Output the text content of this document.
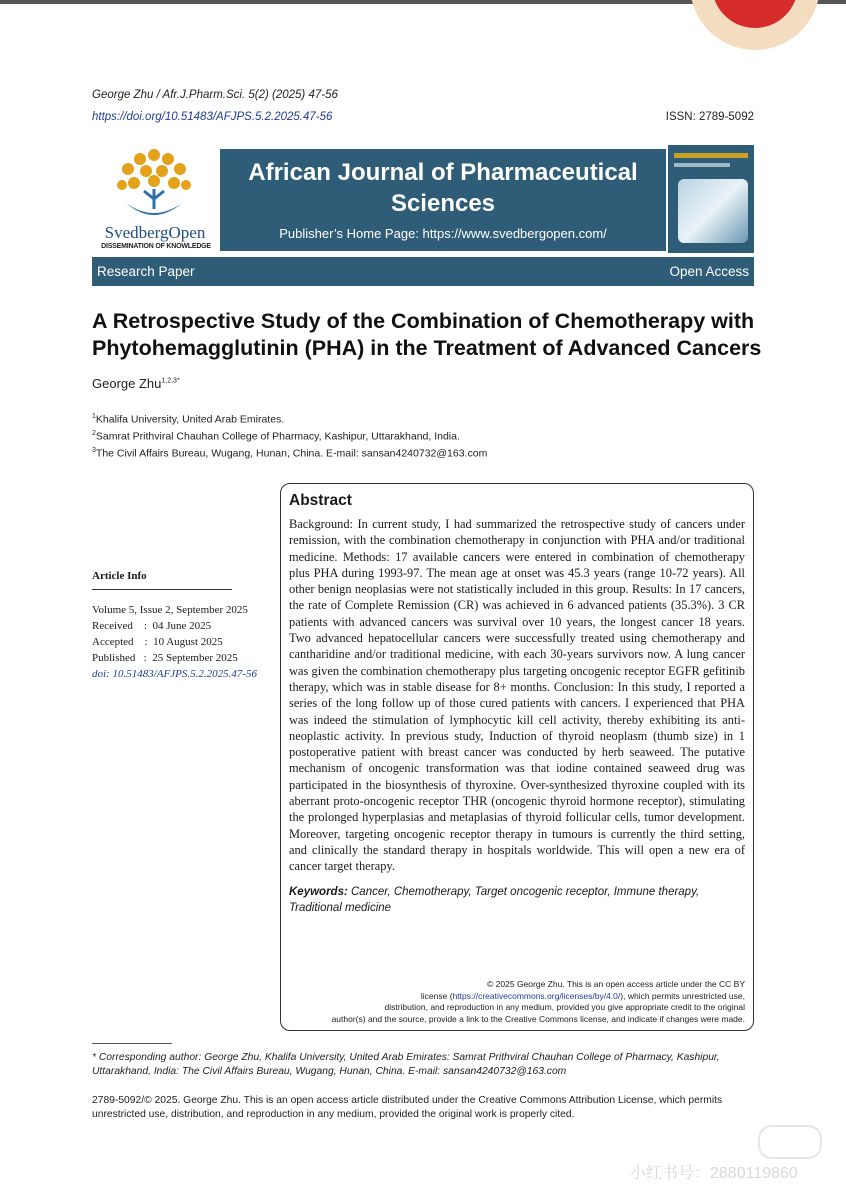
George Zhu / Afr.J.Pharm.Sci. 5(2) (2025) 47-56
https://doi.org/10.51483/AFJPS.5.2.2025.47-56	ISSN: 2789-5092
SvedbergOpen
DISSEMINATION OF KNOWLEDGE
African Journal of Pharmaceutical Sciences
Publisher’s Home Page: https://www.svedbergopen.com/
Research Paper	Open Access
A Retrospective Study of the Combination of Chemotherapy with
Phytohemagglutinin (PHA) in the Treatment of Advanced Cancers
George Zhu$^{1,2,3*}$
$^1$Khalifa University, United Arab Emirates.
$^2$Samrat Prithviral Chauhan College of Pharmacy, Kashipur, Uttarakhand, India.
$^3$The Civil Affairs Bureau, Wugang, Hunan, China. E-mail: sansan4240732@163.com
Article Info
Volume 5, Issue 2, September 2025
Received    :  04 June 2025
Accepted    :  10 August 2025
Published   :  25 September 2025
doi: 10.51483/AFJPS.5.2.2025.47-56
Abstract
Background: In current study, I had summarized the retrospective study of cancers under remission, with the combination chemotherapy in conjunction with PHA and/or traditional medicine. Methods: 17 available cancers were entered in combination of chemotherapy plus PHA during 1993-97. The mean age at onset was 45.3 years (range 10-72 years). All other benign neoplasias were not statistically included in this group. Results: In 17 cancers, the rate of Complete Remission (CR) was achieved in 6 advanced patients (35.3%). 3 CR patients with advanced cancers was survival over 10 years, the longest cancer 18 years. Two advanced hepatocellular cancers were successfully treated using chemotherapy and cantharidine and/or traditional medicine, with each 30-years survivors now. A lung cancer was given the combination chemotherapy plus targeting oncogenic receptor EGFR gefitinib therapy, which was in stable disease for 8+ months. Conclusion: In this study, I reported a series of the long follow up of those cured patients with cancers. I experienced that PHA was indeed the stimulation of lymphocytic kill cell activity, thereby exhibiting its anti-neoplastic activity. In previous study, Induction of thyroid neoplasm (thumb size) in 1 postoperative patient with breast cancer was conducted by herb seaweed. The putative mechanism of oncogenic transformation was that iodine contained seaweed drug was participated in the biosynthesis of thyroxine. Over-synthesized thyroxine coupled with its aberrant proto-oncogenic receptor THR (oncogenic thyroid hormone receptor), stimulating the prolonged hyperplasias and metaplasias of thyroid follicular cells, tumor development. Moreover, targeting oncogenic receptor therapy in tumours is currently the third setting, and clinically the standard therapy in hospitals worldwide. This will open a new era of cancer target therapy.
Keywords: Cancer, Chemotherapy, Target oncogenic receptor, Immune therapy, Traditional medicine
© 2025 George Zhu. This is an open access article under the CC BY
license (https://creativecommons.org/licenses/by/4.0/), which permits unrestricted use,
distribution, and reproduction in any medium, provided you give appropriate credit to the original
author(s) and the source, provide a link to the Creative Commons license, and indicate if changes were made.
* Corresponding author: George Zhu, Khalifa University, United Arab Emirates: Samrat Prithviral Chauhan College of Pharmacy, Kashipur, Uttarakhand, India: The Civil Affairs Bureau, Wugang, Hunan, China. E-mail: sansan4240732@163.com
2789-5092/© 2025. George Zhu. This is an open access article distributed under the Creative Commons Attribution License, which permits unrestricted use, distribution, and reproduction in any medium, provided the original work is properly cited.
小红书号：2880119860
